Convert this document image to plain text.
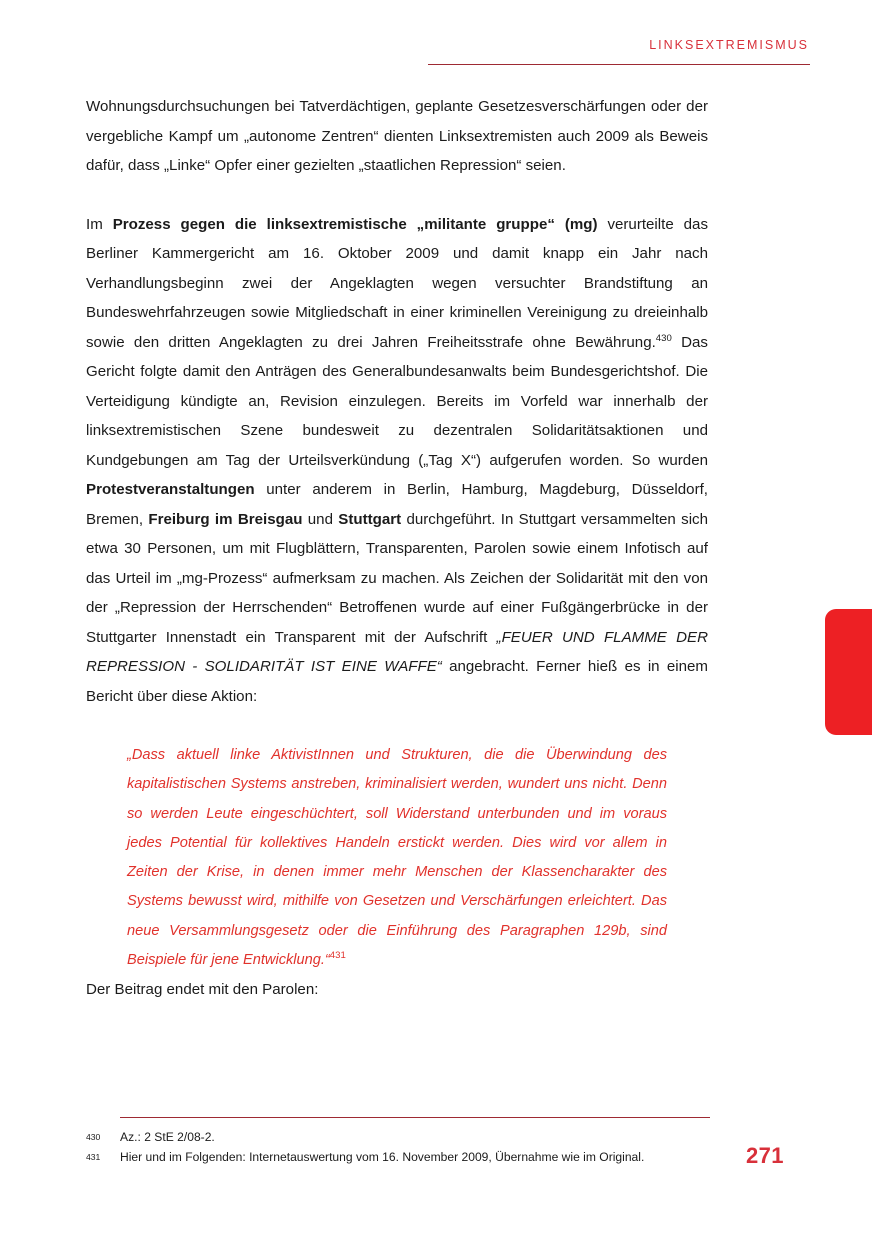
LINKSEXTREMISMUS

Wohnungsdurchsuchungen bei Tatverdächtigen, geplante Gesetzesverschärfungen oder der vergebliche Kampf um „autonome Zentren“ dienten Linksextremisten auch 2009 als Beweis dafür, dass „Linke“ Opfer einer gezielten „staatlichen Repression“ seien.

Im Prozess gegen die linksextremistische „militante gruppe“ (mg) verurteilte das Berliner Kammergericht am 16. Oktober 2009 und damit knapp ein Jahr nach Verhandlungsbeginn zwei der Angeklagten wegen versuchter Brandstiftung an Bundeswehrfahrzeugen sowie Mitgliedschaft in einer kriminellen Vereinigung zu dreieinhalb sowie den dritten Angeklagten zu drei Jahren Freiheitsstrafe ohne Bewährung.$^{430}$ Das Gericht folgte damit den Anträgen des Generalbundesanwalts beim Bundesgerichtshof. Die Verteidigung kündigte an, Revision einzulegen. Bereits im Vorfeld war innerhalb der linksextremistischen Szene bundesweit zu dezentralen Solidaritätsaktionen und Kundgebungen am Tag der Urteilsverkündung („Tag X“) aufgerufen worden. So wurden Protestveranstaltungen unter anderem in Berlin, Hamburg, Magdeburg, Düsseldorf, Bremen, Freiburg im Breisgau und Stuttgart durchgeführt. In Stuttgart versammelten sich etwa 30 Personen, um mit Flugblättern, Transparenten, Parolen sowie einem Infotisch auf das Urteil im „mg-Prozess“ aufmerksam zu machen. Als Zeichen der Solidarität mit den von der „Repression der Herrschenden“ Betroffenen wurde auf einer Fußgängerbrücke in der Stuttgarter Innenstadt ein Transparent mit der Aufschrift „FEUER UND FLAMME DER REPRESSION - SOLIDARITÄT IST EINE WAFFE“ angebracht. Ferner hieß es in einem Bericht über diese Aktion:

„Dass aktuell linke AktivistInnen und Strukturen, die die Überwindung des kapitalistischen Systems anstreben, kriminalisiert werden, wundert uns nicht. Denn so werden Leute eingeschüchtert, soll Widerstand unterbunden und im voraus jedes Potential für kollektives Handeln erstickt werden. Dies wird vor allem in Zeiten der Krise, in denen immer mehr Menschen der Klassencharakter des Systems bewusst wird, mithilfe von Gesetzen und Verschärfungen erleichtert. Das neue Versammlungsgesetz oder die Einführung des Paragraphen 129b, sind Beispiele für jene Entwicklung.“$^{431}$

Der Beitrag endet mit den Parolen:

430	Az.: 2 StE 2/08-2.
431	Hier und im Folgenden: Internetauswertung vom 16. November 2009, Übernahme wie im Original.	271
